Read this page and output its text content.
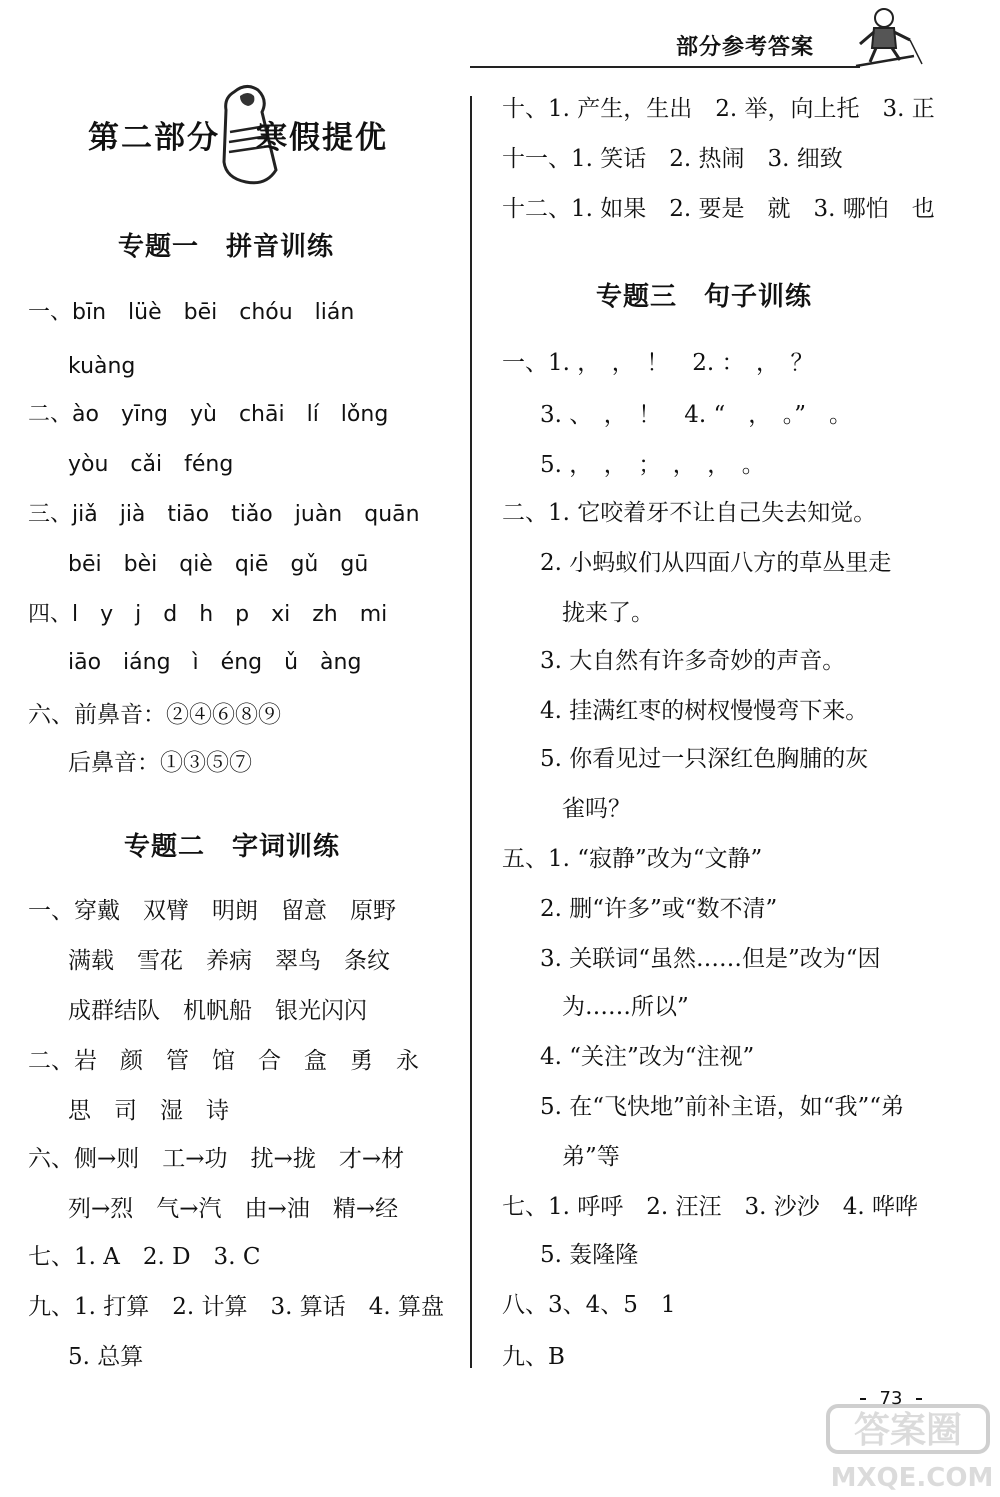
部分参考答案
第二部分 寒假提优
专题一　拼音训练
专题二　字词训练
专题三　句子训练
一、bīn　lüè　bēi　chóu　lián
kuàng
二、ào　yīng　yù　chāi　lí　lǒng
yòu　cǎi　féng
三、jiǎ　jià　tiāo　tiǎo　juàn　quān
bēi　bèi　qiè　qiē　gǔ　gū
四、l　y　j　d　h　p　xi　zh　mi
iāo　iáng　ì　éng　ǔ　àng
六、前鼻音：②④⑥⑧⑨
后鼻音：①③⑤⑦
一、穿戴　双臂　明朗　留意　原野
满载　雪花　养病　翠鸟　条纹
成群结队　机帆船　银光闪闪
二、岩　颜　管　馆　合　盒　勇　永
思　司　湿　诗
六、侧→则　工→功　扰→拢　才→材
列→烈　气→汽　由→油　精→经
七、1. A　2. D　3. C
九、1. 打算　2. 计算　3. 算话　4. 算盘
5. 总算
十、1. 产生，生出　2. 举，向上托　3. 正
十一、1. 笑话　2. 热闹　3. 细致
十二、1. 如果　2. 要是　就　3. 哪怕　也
一、1. ，　，　！　2. ：　，　？
3. 、　，　！　4. “　，　。”　。
5. ，　，　；　，　，　。
二、1. 它咬着牙不让自己失去知觉。
2. 小蚂蚁们从四面八方的草丛里走
拢来了。
3. 大自然有许多奇妙的声音。
4. 挂满红枣的树杈慢慢弯下来。
5. 你看见过一只深红色胸脯的灰
雀吗？
五、1. “寂静”改为“文静”
2. 删“许多”或“数不清”
3. 关联词“虽然……但是”改为“因
为……所以”
4. “关注”改为“注视”
5. 在“飞快地”前补主语，如“我”“弟
弟”等
七、1. 呼呼　2. 汪汪　3. 沙沙　4. 哗哗
5. 轰隆隆
八、3、4、5　1
九、B
73
答案圈
MXQE.COM
